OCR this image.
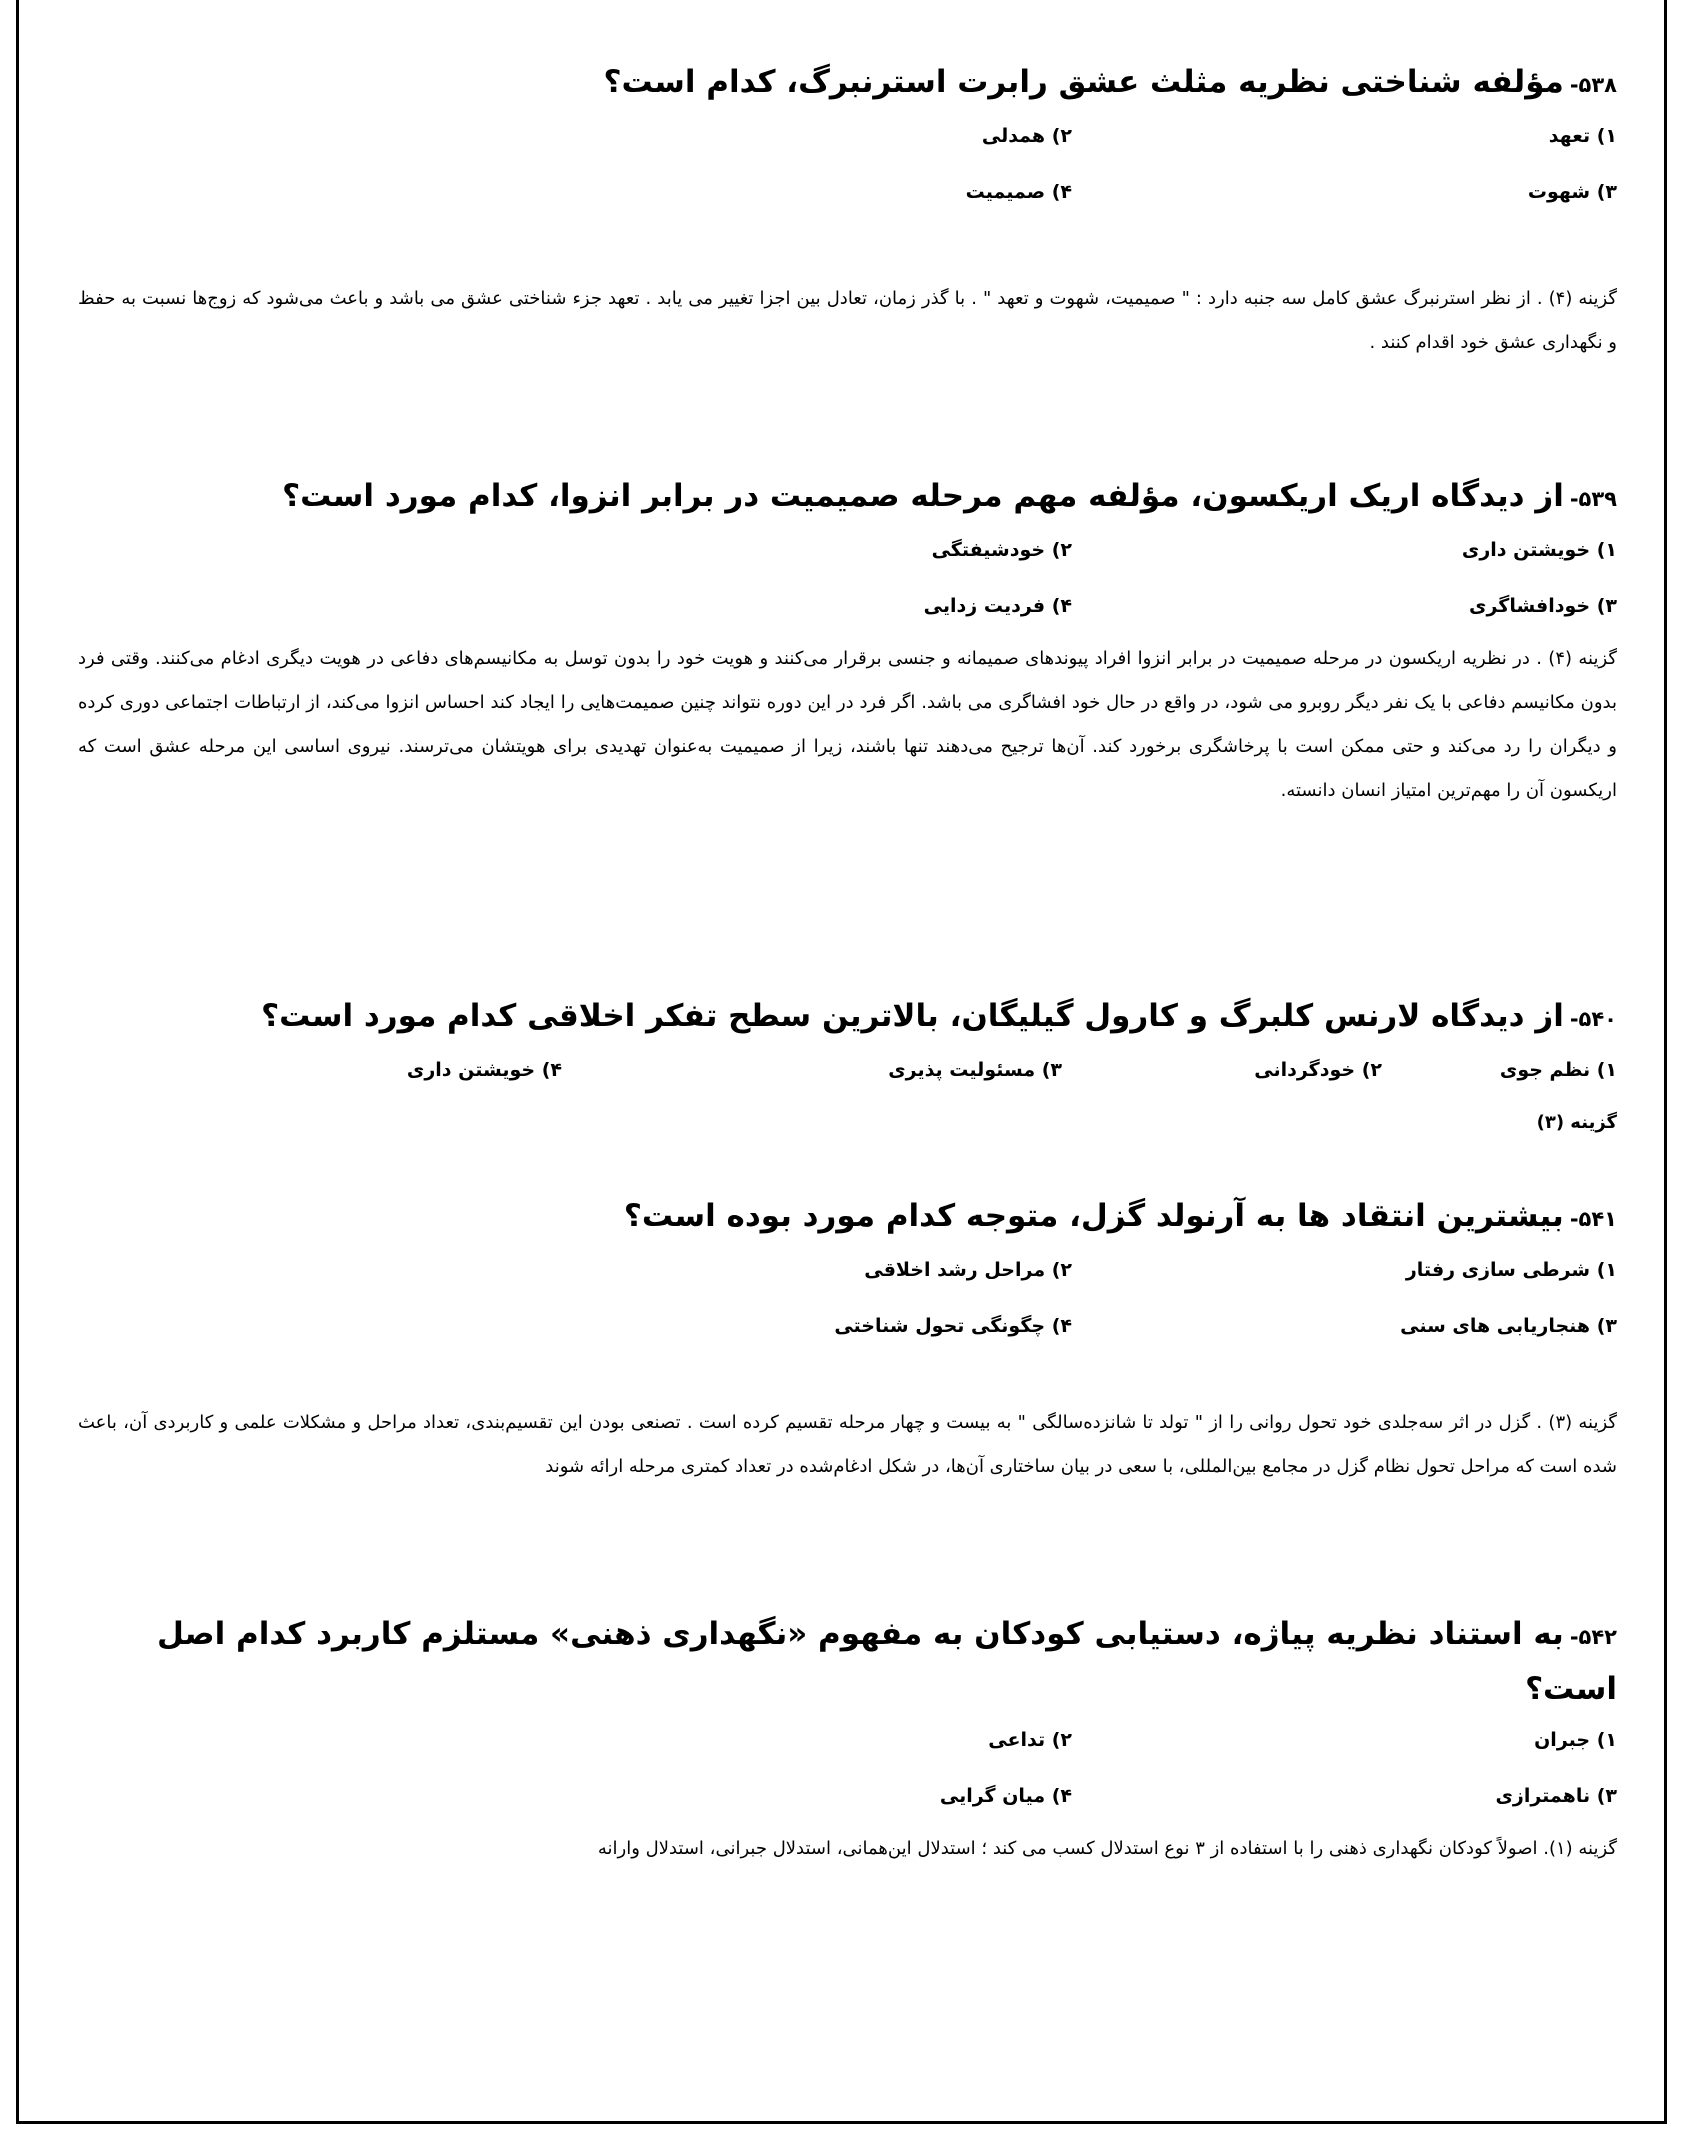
۵۳۸-مؤلفه شناختی نظریه مثلث عشق رابرت استرنبرگ، کدام است؟

۱) تعهد
۲) همدلی
۳) شهوت
۴) صمیمیت

گزینه (۴) . از نظر استرنبرگ عشق کامل سه جنبه دارد : " صمیمیت، شهوت و تعهد " . با گذر زمان، تعادل بین اجزا تغییر می یابد . تعهد جزء شناختی عشق می باشد و باعث می‌شود که زوج‌ها نسبت به حفظ و نگهداری عشق خود اقدام کنند .

۵۳۹-از دیدگاه اریک اریکسون، مؤلفه مهم مرحله صمیمیت در برابر انزوا، کدام مورد است؟

۱) خویشتن داری
۲) خودشیفتگی
۳) خودافشاگری
۴) فردیت زدایی

گزینه (۴) . در نظریه اریکسون در مرحله صمیمیت در برابر انزوا افراد پیوندهای صمیمانه و جنسی برقرار می‌کنند و هویت خود را بدون توسل به مکانیسم‌های دفاعی در هویت دیگری ادغام می‌کنند. وقتی فرد بدون مکانیسم دفاعی با یک نفر دیگر روبرو می شود، در واقع در حال خود افشاگری می باشد. اگر فرد در این دوره نتواند چنین صمیمت‌هایی را ایجاد کند احساس انزوا می‌کند، از ارتباطات اجتماعی دوری کرده و دیگران را رد می‌کند و حتی ممکن است با پرخاشگری برخورد کند. آن‌ها ترجیح می‌دهند تنها باشند، زیرا از صمیمیت به‌عنوان تهدیدی برای هویتشان می‌ترسند. نیروی اساسی این مرحله عشق است که اریکسون آن را مهم‌ترین امتیاز انسان دانسته.

۵۴۰-از دیدگاه لارنس کلبرگ و کارول گیلیگان، بالاترین سطح تفکر اخلاقی کدام مورد است؟

۱) نظم جوی
۲) خودگردانی
۳) مسئولیت پذیری
۴) خویشتن داری

گزینه (۳)

۵۴۱-بیشترین انتقاد ها به آرنولد گزل، متوجه کدام مورد بوده است؟

۱) شرطی سازی رفتار
۲) مراحل رشد اخلاقی
۳) هنجاریابی های سنی
۴) چگونگی تحول شناختی

گزینه (۳) . گزل در اثر سه‌جلدی خود تحول روانی را از " تولد تا شانزده‌سالگی " به بیست و چهار مرحله تقسیم کرده است . تصنعی بودن این تقسیم‌بندی، تعداد مراحل و مشکلات علمی و کاربردی آن، باعث شده است که مراحل تحول نظام گزل در مجامع بین‌المللی، با سعی در بیان ساختاری آن‌ها، در شکل ادغام‌شده در تعداد کمتری مرحله ارائه شوند

۵۴۲-به استناد نظریه پیاژه، دستیابی کودکان به مفهوم «نگهداری ذهنی» مستلزم کاربرد کدام اصل است؟

۱) جبران
۲) تداعی
۳) ناهمترازی
۴) میان گرایی

گزینه (۱). اصولاً کودکان نگهداری ذهنی را با استفاده از ۳ نوع استدلال کسب می کند ؛ استدلال این‌همانی، استدلال جبرانی، استدلال وارانه
